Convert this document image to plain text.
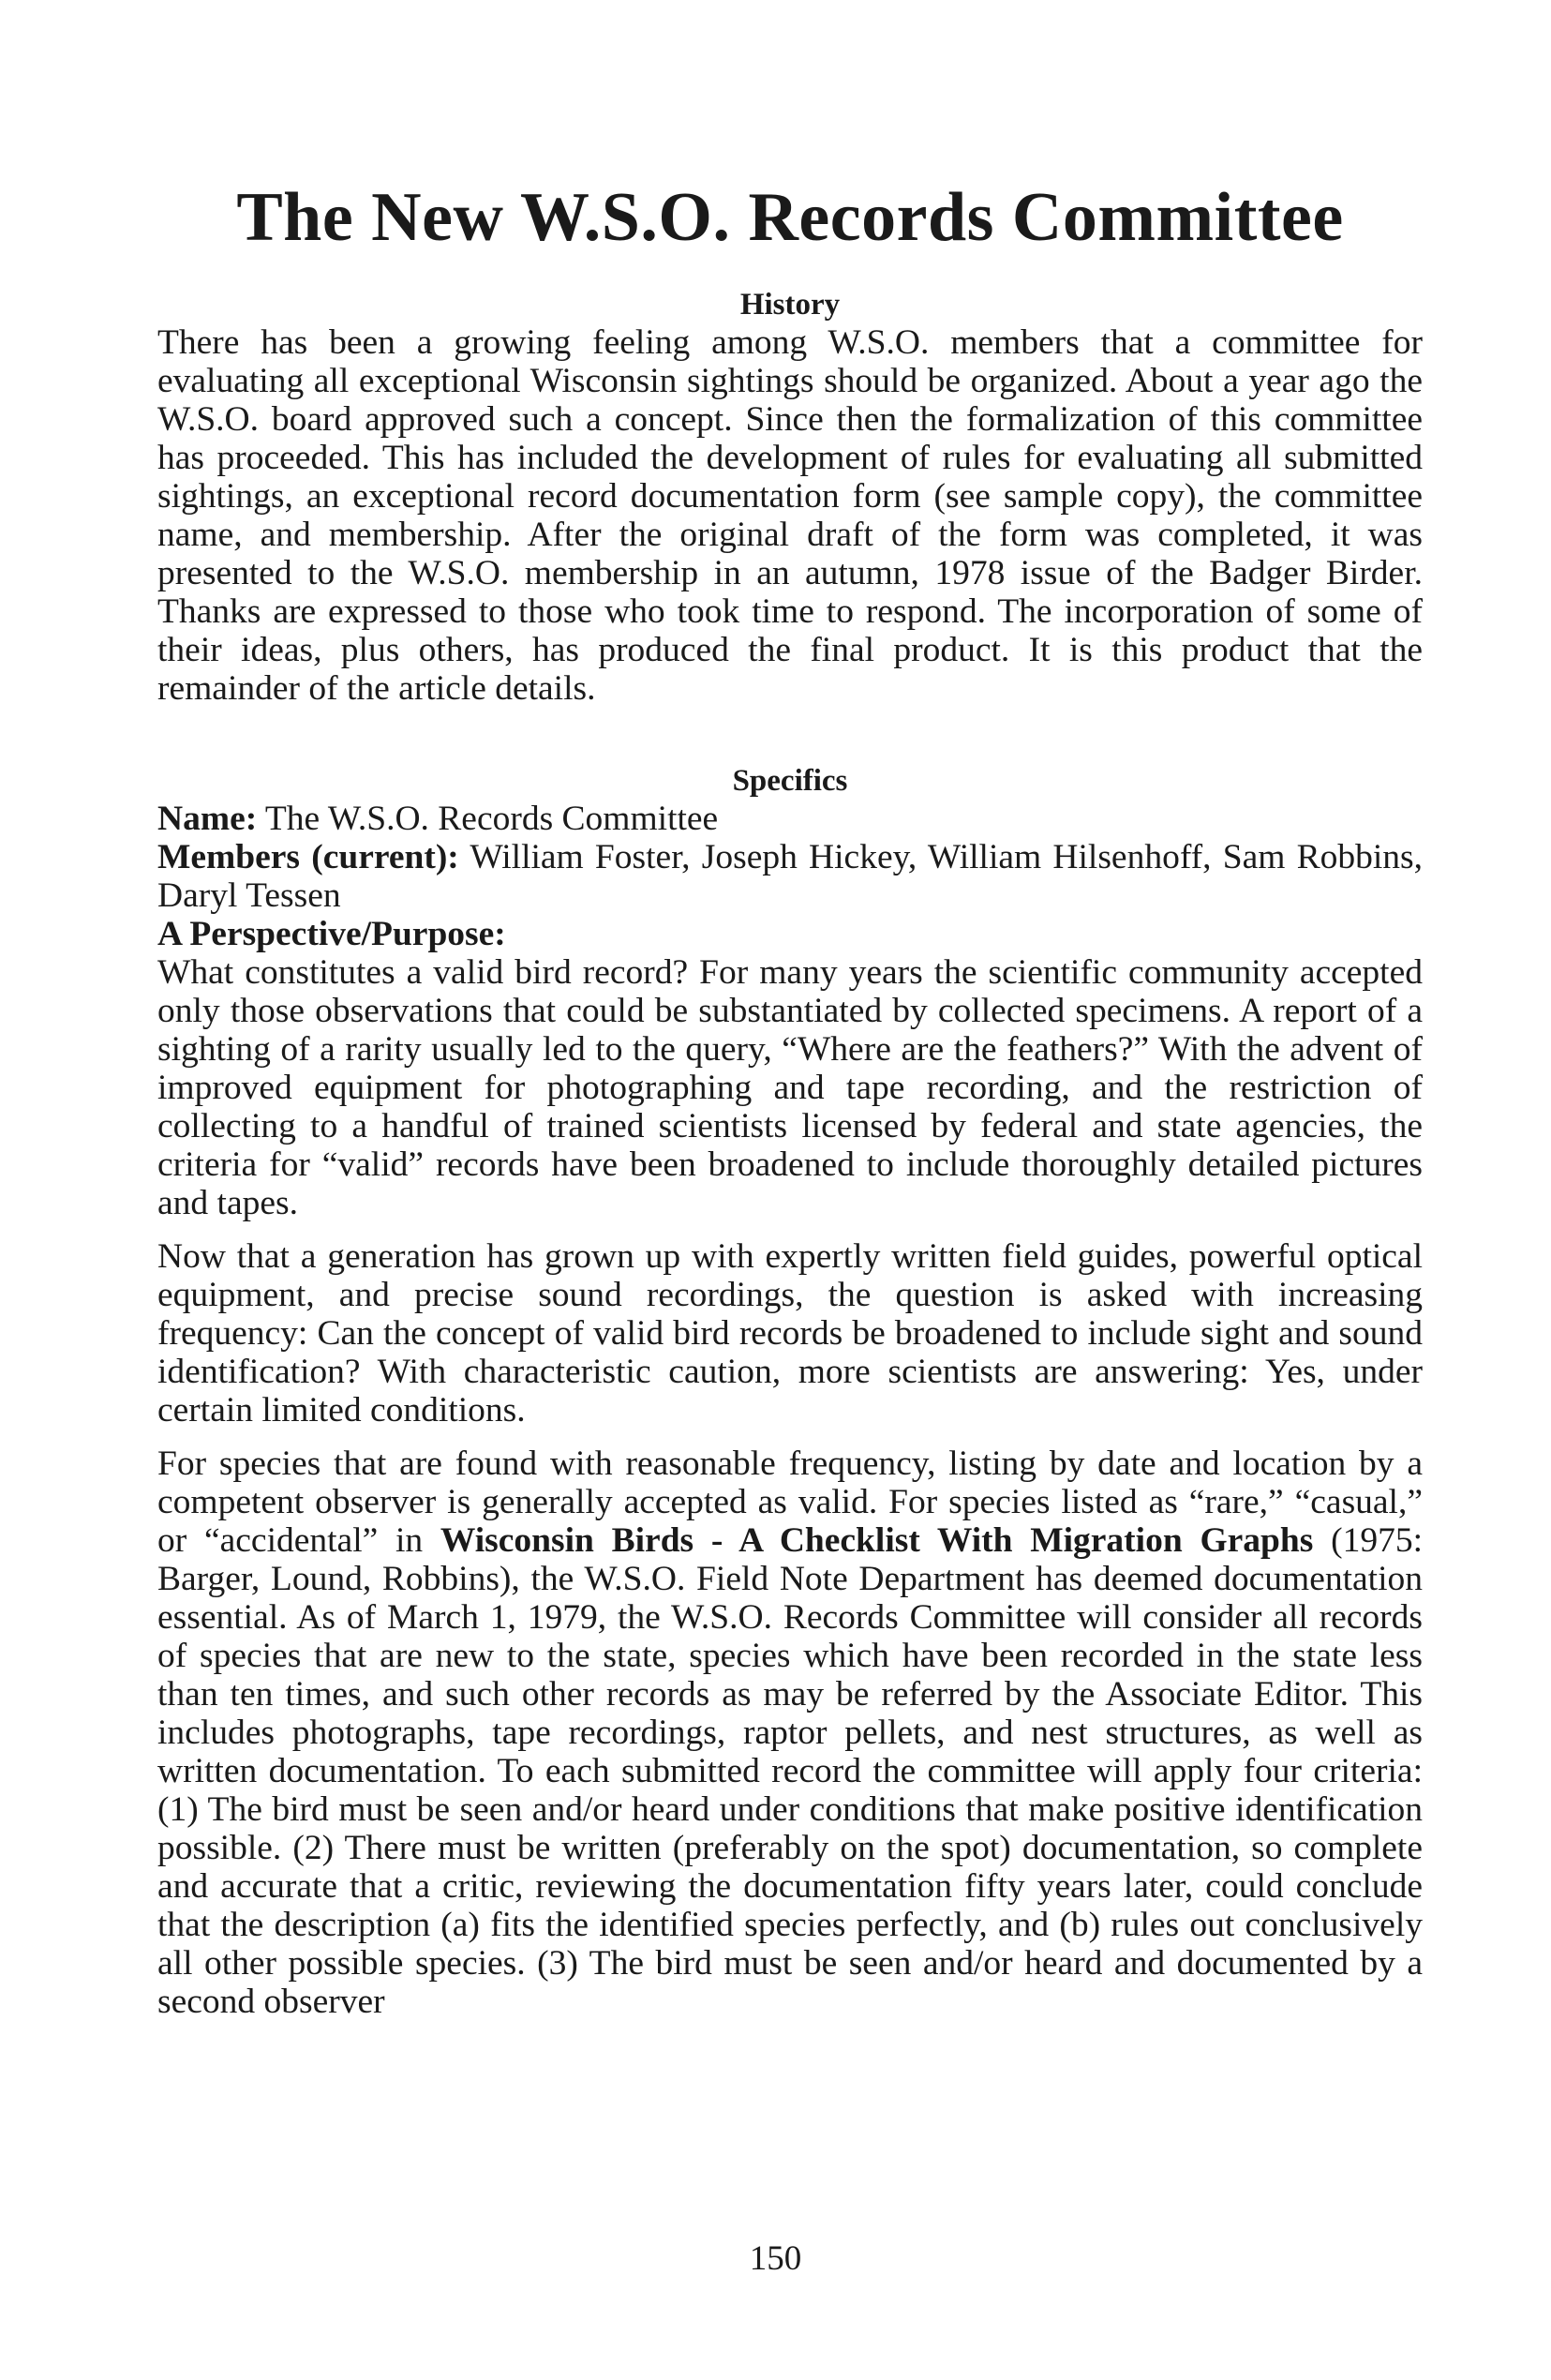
The New W.S.O. Records Committee
History

There has been a growing feeling among W.S.O. members that a committee for evaluating all exceptional Wisconsin sightings should be organized. About a year ago the W.S.O. board approved such a concept. Since then the formalization of this committee has proceeded. This has included the development of rules for evaluating all submitted sightings, an exceptional record documentation form (see sample copy), the committee name, and membership. After the original draft of the form was completed, it was presented to the W.S.O. membership in an autumn, 1978 issue of the Badger Birder. Thanks are expressed to those who took time to respond. The incorporation of some of their ideas, plus others, has produced the final product. It is this product that the remainder of the article details.

Specifics
Name: The W.S.O. Records Committee

Members (current): William Foster, Joseph Hickey, William Hilsenhoff, Sam Robbins, Daryl Tessen

A Perspective/Purpose:

What constitutes a valid bird record? For many years the scientific community accepted only those observations that could be substantiated by collected specimens. A report of a sighting of a rarity usually led to the query, “Where are the feathers?” With the advent of improved equipment for photographing and tape recording, and the restriction of collecting to a handful of trained scientists licensed by federal and state agencies, the criteria for “valid” records have been broadened to include thoroughly detailed pictures and tapes.

Now that a generation has grown up with expertly written field guides, powerful optical equipment, and precise sound recordings, the question is asked with increasing frequency: Can the concept of valid bird records be broadened to include sight and sound identification? With characteristic caution, more scientists are answering: Yes, under certain limited conditions.

For species that are found with reasonable frequency, listing by date and location by a competent observer is generally accepted as valid. For species listed as “rare,” “casual,” or “accidental” in Wisconsin Birds - A Checklist With Migration Graphs (1975: Barger, Lound, Robbins), the W.S.O. Field Note Department has deemed documentation essential. As of March 1, 1979, the W.S.O. Records Committee will consider all records of species that are new to the state, species which have been recorded in the state less than ten times, and such other records as may be referred by the Associate Editor. This includes photographs, tape recordings, raptor pellets, and nest structures, as well as written documentation. To each submitted record the committee will apply four criteria: (1) The bird must be seen and/or heard under conditions that make positive identification possible. (2) There must be written (preferably on the spot) documentation, so complete and accurate that a critic, reviewing the documentation fifty years later, could conclude that the description (a) fits the identified species perfectly, and (b) rules out conclusively all other possible species. (3) The bird must be seen and/or heard and documented by a second observer

150
